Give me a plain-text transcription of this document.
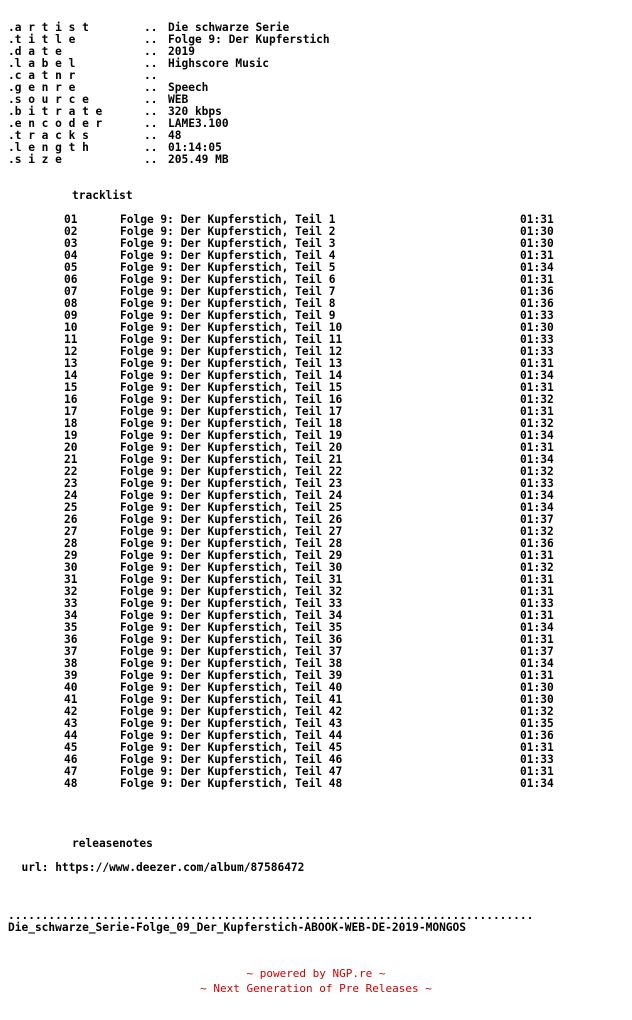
.a r t i s t	.. Die schwarze Serie
.t i t l e	.. Folge 9: Der Kupferstich
.d a t e	.. 2019
.l a b e l	.. Highscore Music
.c a t n r	..
.g e n r e	.. Speech
.s o u r c e	.. WEB
.b i t r a t e	.. 320 kbps
.e n c o d e r	.. LAME3.100
.t r a c k s	.. 48
.l e n g t h	.. 01:14:05
.s i z e	.. 205.49 MB
tracklist
01	Folge 9: Der Kupferstich, Teil 1	01:31
02	Folge 9: Der Kupferstich, Teil 2	01:30
03	Folge 9: Der Kupferstich, Teil 3	01:30
04	Folge 9: Der Kupferstich, Teil 4	01:31
05	Folge 9: Der Kupferstich, Teil 5	01:34
06	Folge 9: Der Kupferstich, Teil 6	01:31
07	Folge 9: Der Kupferstich, Teil 7	01:36
08	Folge 9: Der Kupferstich, Teil 8	01:36
09	Folge 9: Der Kupferstich, Teil 9	01:33
10	Folge 9: Der Kupferstich, Teil 10	01:30
11	Folge 9: Der Kupferstich, Teil 11	01:33
12	Folge 9: Der Kupferstich, Teil 12	01:33
13	Folge 9: Der Kupferstich, Teil 13	01:31
14	Folge 9: Der Kupferstich, Teil 14	01:34
15	Folge 9: Der Kupferstich, Teil 15	01:31
16	Folge 9: Der Kupferstich, Teil 16	01:32
17	Folge 9: Der Kupferstich, Teil 17	01:31
18	Folge 9: Der Kupferstich, Teil 18	01:32
19	Folge 9: Der Kupferstich, Teil 19	01:34
20	Folge 9: Der Kupferstich, Teil 20	01:31
21	Folge 9: Der Kupferstich, Teil 21	01:34
22	Folge 9: Der Kupferstich, Teil 22	01:32
23	Folge 9: Der Kupferstich, Teil 23	01:33
24	Folge 9: Der Kupferstich, Teil 24	01:34
25	Folge 9: Der Kupferstich, Teil 25	01:34
26	Folge 9: Der Kupferstich, Teil 26	01:37
27	Folge 9: Der Kupferstich, Teil 27	01:32
28	Folge 9: Der Kupferstich, Teil 28	01:36
29	Folge 9: Der Kupferstich, Teil 29	01:31
30	Folge 9: Der Kupferstich, Teil 30	01:32
31	Folge 9: Der Kupferstich, Teil 31	01:31
32	Folge 9: Der Kupferstich, Teil 32	01:31
33	Folge 9: Der Kupferstich, Teil 33	01:33
34	Folge 9: Der Kupferstich, Teil 34	01:31
35	Folge 9: Der Kupferstich, Teil 35	01:34
36	Folge 9: Der Kupferstich, Teil 36	01:31
37	Folge 9: Der Kupferstich, Teil 37	01:37
38	Folge 9: Der Kupferstich, Teil 38	01:34
39	Folge 9: Der Kupferstich, Teil 39	01:31
40	Folge 9: Der Kupferstich, Teil 40	01:30
41	Folge 9: Der Kupferstich, Teil 41	01:30
42	Folge 9: Der Kupferstich, Teil 42	01:32
43	Folge 9: Der Kupferstich, Teil 43	01:35
44	Folge 9: Der Kupferstich, Teil 44	01:36
45	Folge 9: Der Kupferstich, Teil 45	01:31
46	Folge 9: Der Kupferstich, Teil 46	01:33
47	Folge 9: Der Kupferstich, Teil 47	01:31
48	Folge 9: Der Kupferstich, Teil 48	01:34
releasenotes
url: https://www.deezer.com/album/87586472
..............................................................................
Die_schwarze_Serie-Folge_09_Der_Kupferstich-ABOOK-WEB-DE-2019-MONGOS
~ powered by NGP.re ~
~ Next Generation of Pre Releases ~
